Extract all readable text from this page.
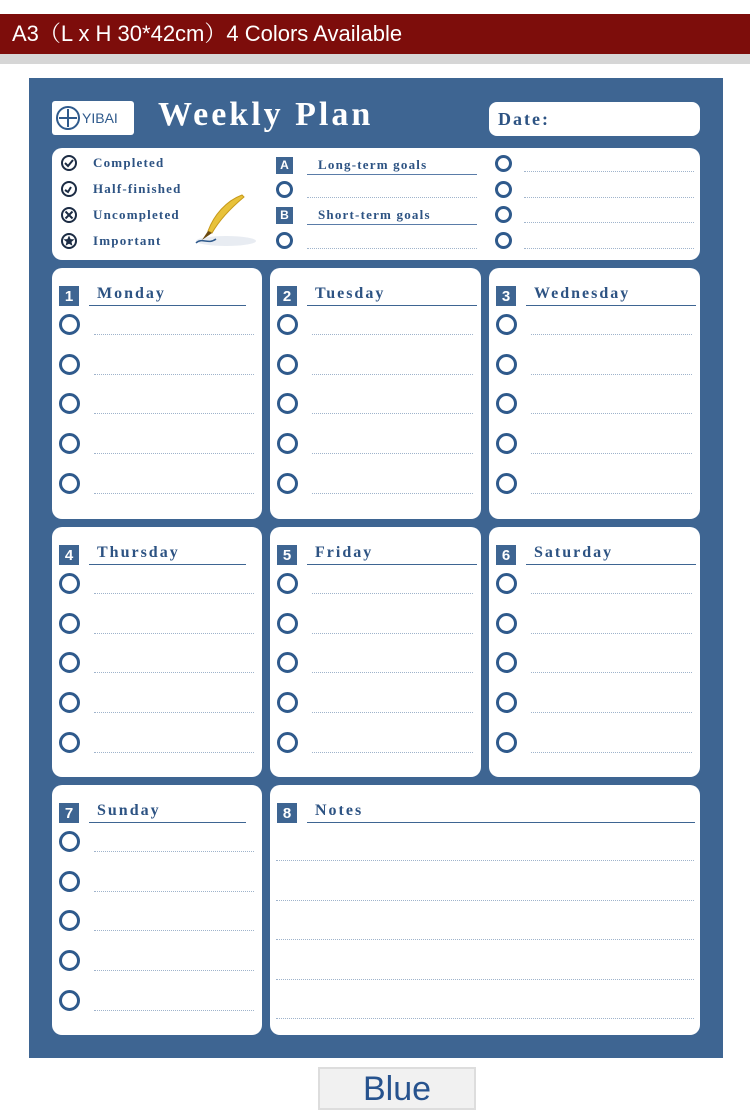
A3（L x H 30*42cm）4 Colors Available
YIBAI Weekly Plan	Date:
Completed
Half-finished
Uncompleted
Important
A	Long-term goals
B	Short-term goals
1	Monday	2	Tuesday	3	Wednesday
4	Thursday	5	Friday	6	Saturday
7	Sunday	8	Notes
Blue
